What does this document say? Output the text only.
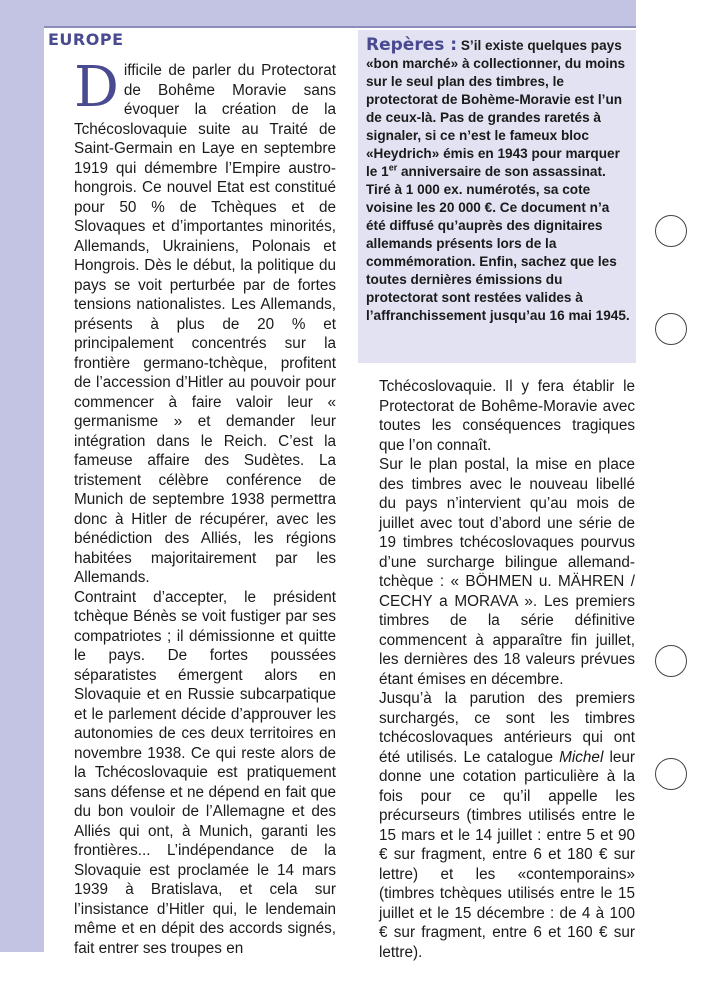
EUROPE	Repères : S’il existe quelques pays «bon marché» à collectionner, du moins sur le seul plan des timbres, le protectorat de Bohème-Moravie est l’un de ceux-là. Pas de grandes raretés à signaler, si ce n’est le fameux bloc «Heydrich» émis en 1943 pour marquer le 1er anniversaire de son assassinat. Tiré à 1 000 ex. numérotés, sa cote voisine les 20 000 €. Ce document n’a été diffusé qu’auprès des dignitaires allemands présents lors de la commémoration. Enfin, sachez que les toutes dernières émissions du protectorat sont restées valides à l’affranchissement jusqu’au 16 mai 1945.

Difficile de parler du Protectorat de Bohême Moravie sans évoquer la création de la Tchécoslovaquie suite au Traité de Saint-Germain en Laye en septembre 1919 qui démembre l’Empire austro-hongrois. Ce nouvel Etat est constitué pour 50 % de Tchèques et de Slovaques et d’importantes minorités, Allemands, Ukrainiens, Polonais et Hongrois. Dès le début, la politique du pays se voit perturbée par de fortes tensions nationalistes. Les Allemands, présents à plus de 20 % et principalement concentrés sur la frontière germano-tchèque, profitent de l’accession d’Hitler au pouvoir pour commencer à faire valoir leur « germanisme » et demander leur intégration dans le Reich. C’est la fameuse affaire des Sudètes. La tristement célèbre conférence de Munich de septembre 1938 permettra donc à Hitler de récupérer, avec les bénédiction des Alliés, les régions habitées majoritairement par les Allemands.

Contraint d’accepter, le président tchèque Bénès se voit fustiger par ses compatriotes ; il démissionne et quitte le pays. De fortes poussées séparatistes émergent alors en Slovaquie et en Russie subcarpatique et le parlement décide d’approuver les autonomies de ces deux territoires en novembre 1938. Ce qui reste alors de la Tchécoslovaquie est pratiquement sans défense et ne dépend en fait que du bon vouloir de l’Allemagne et des Alliés qui ont, à Munich, garanti les frontières... L’indépendance de la Slovaquie est proclamée le 14 mars 1939 à Bratislava, et cela sur l’insistance d’Hitler qui, le lendemain même et en dépit des accords signés, fait entrer ses troupes en

Tchécoslovaquie. Il y fera établir le Protectorat de Bohême-Moravie avec toutes les conséquences tragiques que l’on connaît.

Sur le plan postal, la mise en place des timbres avec le nouveau libellé du pays n’intervient qu’au mois de juillet avec tout d’abord une série de 19 timbres tchécoslovaques pourvus d’une surcharge bilingue allemand-tchèque : « BÖHMEN u. MÄHREN / CECHY a MORAVA ». Les premiers timbres de la série définitive commencent à apparaître fin juillet, les dernières des 18 valeurs prévues étant émises en décembre.

Jusqu’à la parution des premiers surchargés, ce sont les timbres tchécoslovaques antérieurs qui ont été utilisés. Le catalogue Michel leur donne une cotation particulière à la fois pour ce qu’il appelle les précurseurs (timbres utilisés entre le 15 mars et le 14 juillet : entre 5 et 90 € sur fragment, entre 6 et 180 € sur lettre) et les «contemporains» (timbres tchèques utilisés entre le 15 juillet et le 15 décembre : de 4 à 100 € sur fragment, entre 6 et 160 € sur lettre).
